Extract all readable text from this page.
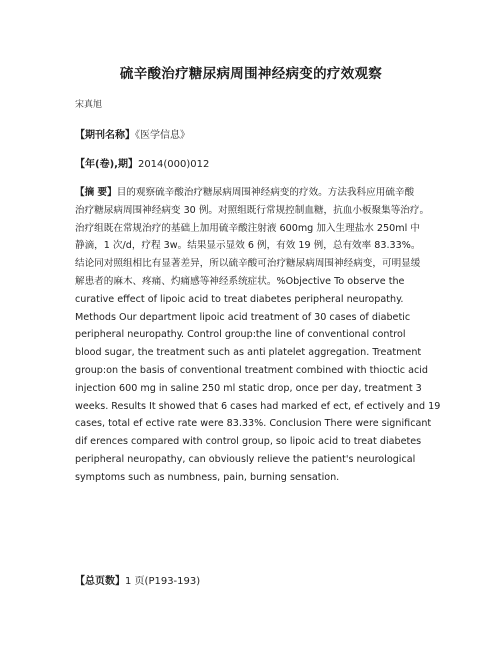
硫辛酸治疗糖尿病周围神经病变的疗效观察
宋真旭
【期刊名称】《医学信息》
【年(卷),期】2014(000)012
【摘 要】目的观察硫辛酸治疗糖尿病周围神经病变的疗效。方法我科应用硫辛酸
治疗糖尿病周围神经病变 30 例。对照组既行常规控制血糖，抗血小板聚集等治疗。
治疗组既在常规治疗的基础上加用硫辛酸注射液 600mg 加入生理盐水 250ml 中
静滴，1 次/d，疗程 3w。结果显示显效 6 例，有效 19 例，总有效率 83.33%。
结论同对照组相比有显著差异，所以硫辛酸可治疗糖尿病周围神经病变，可明显缓
解患者的麻木、疼痛、灼痛感等神经系统症状。%Objective To observe the
curative effect of lipoic acid to treat diabetes peripheral neuropathy.
Methods Our department lipoic acid treatment of 30 cases of diabetic
peripheral neuropathy. Control group:the line of conventional control
blood sugar, the treatment such as anti platelet aggregation. Treatment
group:on the basis of conventional treatment combined with thioctic acid
injection 600 mg in saline 250 ml static drop, once per day, treatment 3
weeks. Results It showed that 6 cases had marked ef ect, ef ectively and 19
cases, total ef ective rate were 83.33%. Conclusion There were significant
dif erences compared with control group, so lipoic acid to treat diabetes
peripheral neuropathy, can obviously relieve the patient's neurological
symptoms such as numbness, pain, burning sensation.
【总页数】1 页(P193-193)
